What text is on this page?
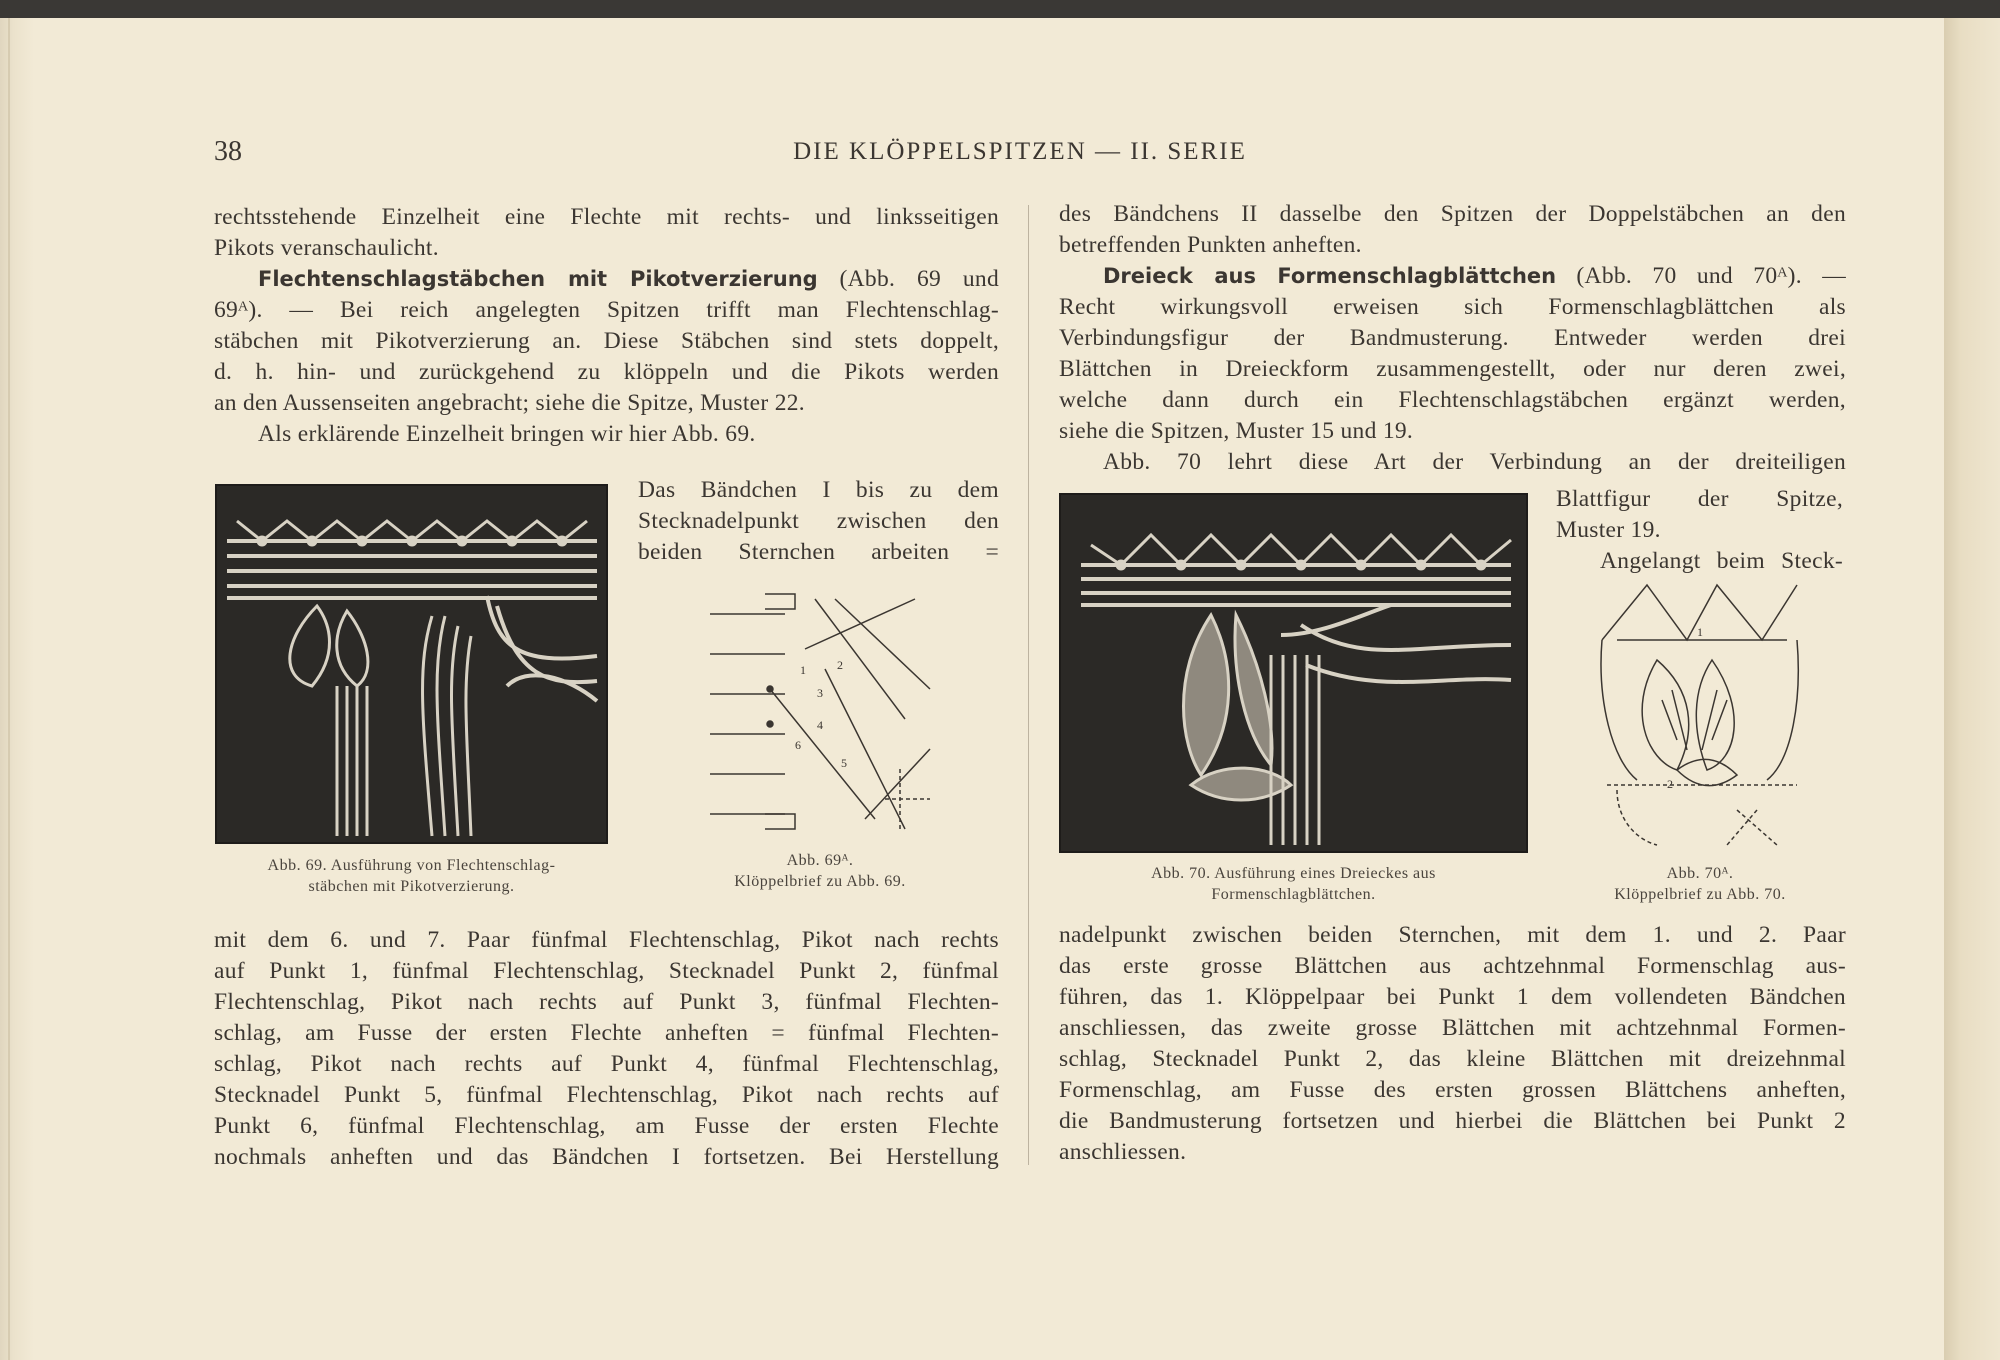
38	DIE KLÖPPELSPITZEN — II. SERIE
rechtsstehende Einzelheit eine Flechte mit rechts- und linksseitigen
Pikots veranschaulicht.
Flechtenschlagstäbchen mit Pikotverzierung (Abb. 69 und
69ᴬ). — Bei reich angelegten Spitzen trifft man Flechtenschlag-
stäbchen mit Pikotverzierung an. Diese Stäbchen sind stets doppelt,
d. h. hin- und zurückgehend zu klöppeln und die Pikots werden
an den Aussenseiten angebracht; siehe die Spitze, Muster 22.
Als erklärende Einzelheit bringen wir hier Abb. 69.
Das Bändchen I bis zu dem
Stecknadelpunkt zwischen den
beiden Sternchen arbeiten =
mit dem 6. und 7. Paar fünfmal Flechtenschlag, Pikot nach rechts
auf Punkt 1, fünfmal Flechtenschlag, Stecknadel Punkt 2, fünfmal
Flechtenschlag, Pikot nach rechts auf Punkt 3, fünfmal Flechten-
schlag, am Fusse der ersten Flechte anheften = fünfmal Flechten-
schlag, Pikot nach rechts auf Punkt 4, fünfmal Flechtenschlag,
Stecknadel Punkt 5, fünfmal Flechtenschlag, Pikot nach rechts auf
Punkt 6, fünfmal Flechtenschlag, am Fusse der ersten Flechte
nochmals anheften und das Bändchen I fortsetzen. Bei Herstellung
des Bändchens II dasselbe den Spitzen der Doppelstäbchen an den
betreffenden Punkten anheften.
Dreieck aus Formenschlagblättchen (Abb. 70 und 70ᴬ). —
Recht wirkungsvoll erweisen sich Formenschlagblättchen als
Verbindungsfigur der Bandmusterung. Entweder werden drei
Blättchen in Dreieckform zusammengestellt, oder nur deren zwei,
welche dann durch ein Flechtenschlagstäbchen ergänzt werden,
siehe die Spitzen, Muster 15 und 19.
Abb. 70 lehrt diese Art der Verbindung an der dreiteiligen
Blattfigur der Spitze,
Muster 19.
Angelangt beim Steck-
nadelpunkt zwischen beiden Sternchen, mit dem 1. und 2. Paar
das erste grosse Blättchen aus achtzehnmal Formenschlag aus-
führen, das 1. Klöppelpaar bei Punkt 1 dem vollendeten Bändchen
anschliessen, das zweite grosse Blättchen mit achtzehnmal Formen-
schlag, Stecknadel Punkt 2, das kleine Blättchen mit dreizehnmal
Formenschlag, am Fusse des ersten grossen Blättchens anheften,
die Bandmusterung fortsetzen und hierbei die Blättchen bei Punkt 2
anschliessen.
1	2
3
4
5
6
Abb. 69. Ausführung von Flechtenschlag-
stäbchen mit Pikotverzierung.
Abb. 69ᴬ.
Klöppelbrief zu Abb. 69.
1
2
Abb. 70. Ausführung eines Dreieckes aus
Formenschlagblättchen.
Abb. 70ᴬ.
Klöppelbrief zu Abb. 70.
